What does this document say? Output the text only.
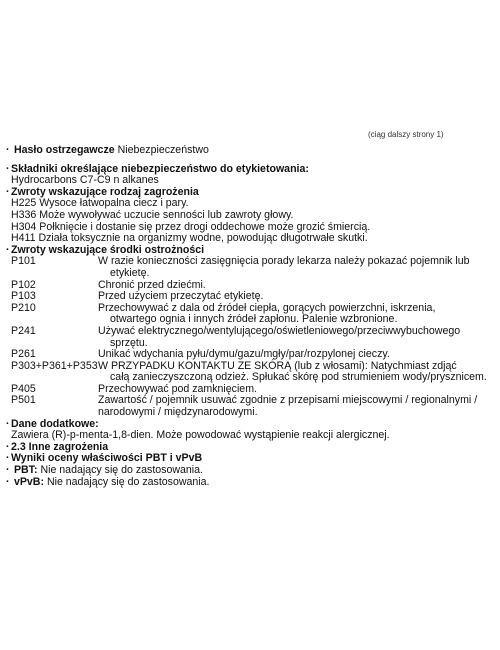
(ciąg dalszy strony 1)
· Hasło ostrzegawcze Niebezpieczeństwo
· Składniki określające niebezpieczeństwo do etykietowania:
Hydrocarbons C7-C9 n alkanes
· Zwroty wskazujące rodzaj zagrożenia
H225 Wysoce łatwopalna ciecz i pary.
H336 Może wywoływać uczucie senności lub zawroty głowy.
H304 Połknięcie i dostanie się przez drogi oddechowe może grozić śmiercią.
H411 Działa toksycznie na organizmy wodne, powodując długotrwałe skutki.
· Zwroty wskazujące środki ostrożności
P101	W razie konieczności zasięgnięcia porady lekarza należy pokazać pojemnik lub
etykietę.
P102	Chronić przed dziećmi.
P103	Przed użyciem przeczytać etykietę.
P210	Przechowywać z dala od źródeł ciepła, gorących powierzchni, iskrzenia,
otwartego ognia i innych źródeł zapłonu. Palenie wzbronione.
P241	Używać elektrycznego/wentylującego/oświetleniowego/przeciwwybuchowego
sprzętu.
P261	Unikać wdychania pyłu/dymu/gazu/mgły/par/rozpylonej cieczy.
P303+P361+P353 W PRZYPADKU KONTAKTU ZE SKÓRĄ (lub z włosami): Natychmiast zdjąć
całą zanieczyszczoną odzież. Spłukać skórę pod strumieniem wody/prysznicem.
P405	Przechowywać pod zamknięciem.
P501	Zawartość / pojemnik usuwać zgodnie z przepisami miejscowymi / regionalnymi /
narodowymi / międzynarodowymi.
· Dane dodatkowe:
Zawiera (R)-p-menta-1,8-dien. Może powodować wystąpienie reakcji alergicznej.
· 2.3 Inne zagrożenia
· Wyniki oceny właściwości PBT i vPvB
· PBT: Nie nadający się do zastosowania.
· vPvB: Nie nadający się do zastosowania.
